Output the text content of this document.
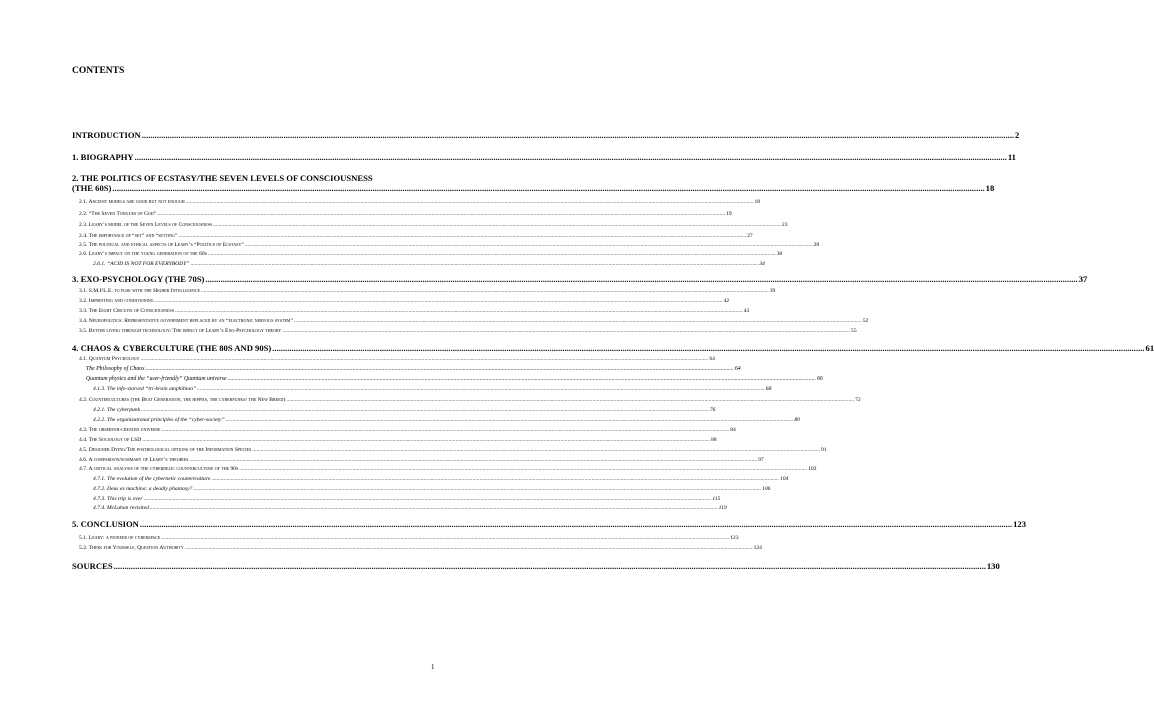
CONTENTS
INTRODUCTION .....	2
1. BIOGRAPHY .....	11
2. THE POLITICS OF ECSTASY/THE SEVEN LEVELS OF CONSCIOUSNESS
(THE 60S) .....	18
2.1. Ancient models are good but not enough .....	18
2.2. “The Seven Tongues of God” .....	19
2.3. Leary’s model of the Seven Levels of Consciousness .....	23
2.4. The importance of “set” and “setting” .....	27
2.5. The political and ethical aspects of Leary’s “Politics of Ecstasy” .....	28
2.6. Leary’s impact on the young generation of the 60s .....	30
2.6.1. “ACID IS NOT FOR EVERYBODY” .....	34
3. EXO-PSYCHOLOGY (THE 70S) .....	37
3.1. S.M.I²L.E. to fuse with the Higher Intelligence .....	39
3.2. Imprinting and conditioning .....	42
3.3. The Eight Circuits of Consciousness .....	43
3.4. Neuropolitics: Representative government replaced by an “electronic nervous system” .....	52
3.5. Better living through technology/ The impact of Leary’s Exo-Psychology theory .....	55
4. CHAOS & CYBERCULTURE (THE 80S AND 90S) .....	61
4.1. Quantum Psychology .....	64
The Philosophy of Chaos .....	64
Quantum physics and the “user-friendly” Quantum universe .....	66
4.1.3. The info-starved “tri-brain amphibian” .....	68
4.2. Countercultures (the Beat Generation, the hippies, the cyberpunks/ the New Breed) .....	72
4.2.1. The cyberpunk .....	76
4.2.2. The organizational principles of the “cyber-society” .....	80
4.3. The observer-created universe .....	84
4.4. The Sociology of LSD .....	88
4.5. Designer Dying/The posthological options of the Information Species .....	91
4.6. A comparison/summary of Leary’s theories .....	97
4.7. A critical analysis of the cyberdelic counterculture of the 90s .....	103
4.7.1. The evolution of the cybernetic counterculture .....	104
4.7.2. Deus ex machina: a deadly phantasy? .....	106
4.7.3. This trip is over .....	115
4.7.4. McLuhan revisited .....	119
5. CONCLUSION .....	123
5.1. Leary: a pioneer of cyberspace .....	123
5.2. Think for Yourself, Question Authority .....	124
SOURCES .....	130
1
